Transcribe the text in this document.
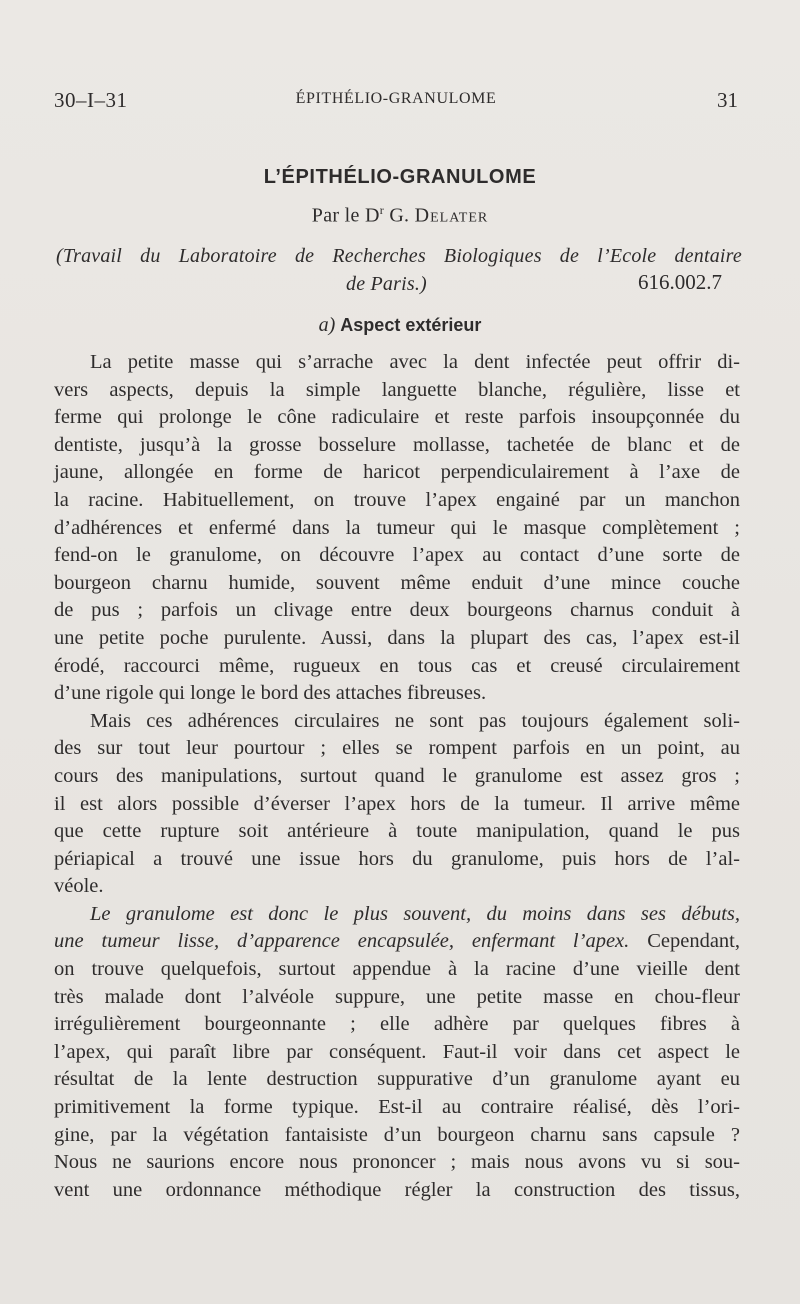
30–I–31	ÉPITHÉLIO-GRANULOME	31
L’ÉPITHÉLIO-GRANULOME
Par le $D^r$ G. Delater
(Travail du Laboratoire de Recherches Biologiques de l’Ecole dentaire
de Paris.)	616.002.7
a) Aspect extérieur
La petite masse qui s’arrache avec la dent infectée peut offrir di-
vers aspects, depuis la simple languette blanche, régulière, lisse et
ferme qui prolonge le cône radiculaire et reste parfois insoupçonnée du
dentiste, jusqu’à la grosse bosselure mollasse, tachetée de blanc et de
jaune, allongée en forme de haricot perpendiculairement à l’axe de
la racine. Habituellement, on trouve l’apex engainé par un manchon
d’adhérences et enfermé dans la tumeur qui le masque complètement ;
fend-on le granulome, on découvre l’apex au contact d’une sorte de
bourgeon charnu humide, souvent même enduit d’une mince couche
de pus ; parfois un clivage entre deux bourgeons charnus conduit à
une petite poche purulente. Aussi, dans la plupart des cas, l’apex est-il
érodé, raccourci même, rugueux en tous cas et creusé circulairement
d’une rigole qui longe le bord des attaches fibreuses.
Mais ces adhérences circulaires ne sont pas toujours également soli-
des sur tout leur pourtour ; elles se rompent parfois en un point, au
cours des manipulations, surtout quand le granulome est assez gros ;
il est alors possible d’éverser l’apex hors de la tumeur. Il arrive même
que cette rupture soit antérieure à toute manipulation, quand le pus
périapical a trouvé une issue hors du granulome, puis hors de l’al-
véole.
Le granulome est donc le plus souvent, du moins dans ses débuts,
une tumeur lisse, d’apparence encapsulée, enfermant l’apex. Cependant,
on trouve quelquefois, surtout appendue à la racine d’une vieille dent
très malade dont l’alvéole suppure, une petite masse en chou-fleur
irrégulièrement bourgeonnante ; elle adhère par quelques fibres à
l’apex, qui paraît libre par conséquent. Faut-il voir dans cet aspect le
résultat de la lente destruction suppurative d’un granulome ayant eu
primitivement la forme typique. Est-il au contraire réalisé, dès l’ori-
gine, par la végétation fantaisiste d’un bourgeon charnu sans capsule ?
Nous ne saurions encore nous prononcer ; mais nous avons vu si sou-
vent une ordonnance méthodique régler la construction des tissus,
